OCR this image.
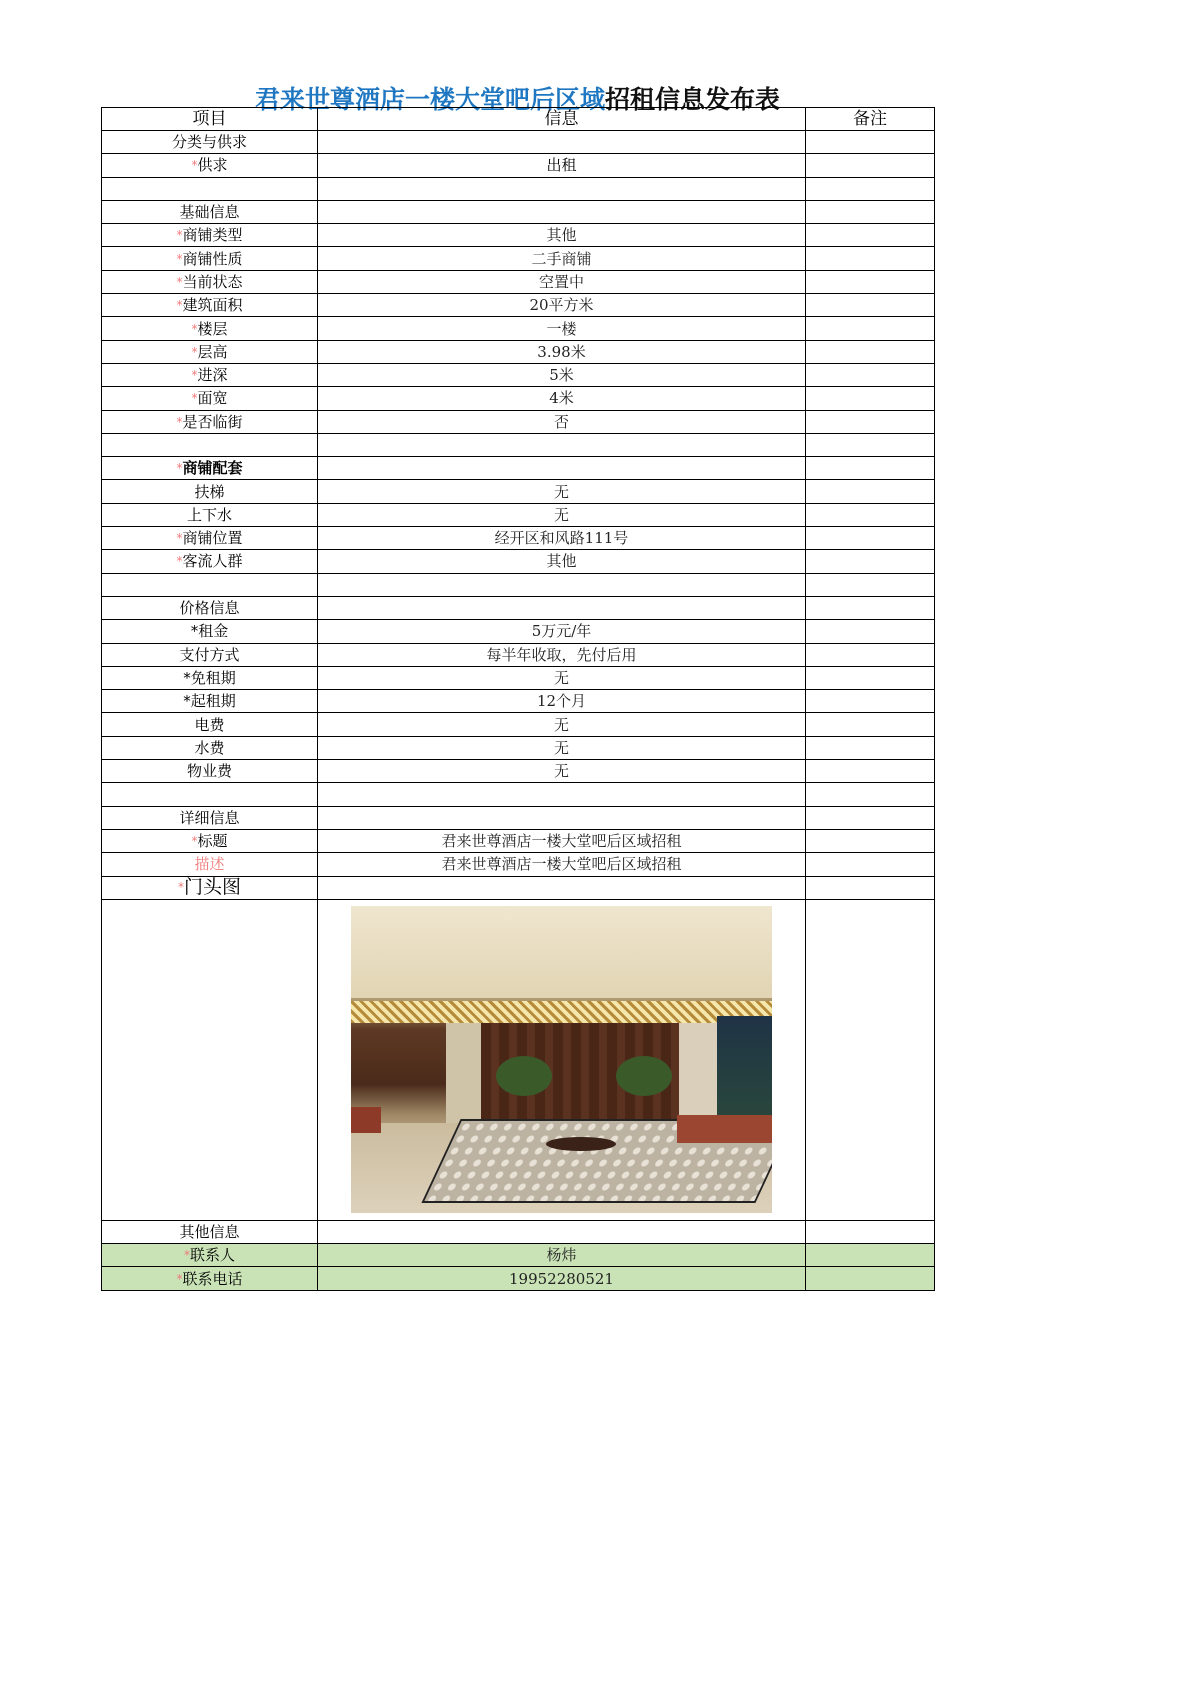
君来世尊酒店一楼大堂吧后区域招租信息发布表
项目	信息	备注
分类与供求		
*供求	出租	

基础信息		
*商铺类型	其他	
*商铺性质	二手商铺	
*当前状态	空置中	
*建筑面积	20平方米	
*楼层	一楼	
*层高	3.98米	
*进深	5米	
*面宽	4米	
*是否临街	否	

*商铺配套		
扶梯	无	
上下水	无	
*商铺位置	经开区和风路111号	
*客流人群	其他	

价格信息		
*租金	5万元/年	
支付方式	每半年收取，先付后用	
*免租期	无	
*起租期	12个月	
电费	无	
水费	无	
物业费	无	

详细信息		
*标题	君来世尊酒店一楼大堂吧后区域招租	
描述	君来世尊酒店一楼大堂吧后区域招租	
*门头图		

其他信息		
*联系人	杨炜	
*联系电话	19952280521	
